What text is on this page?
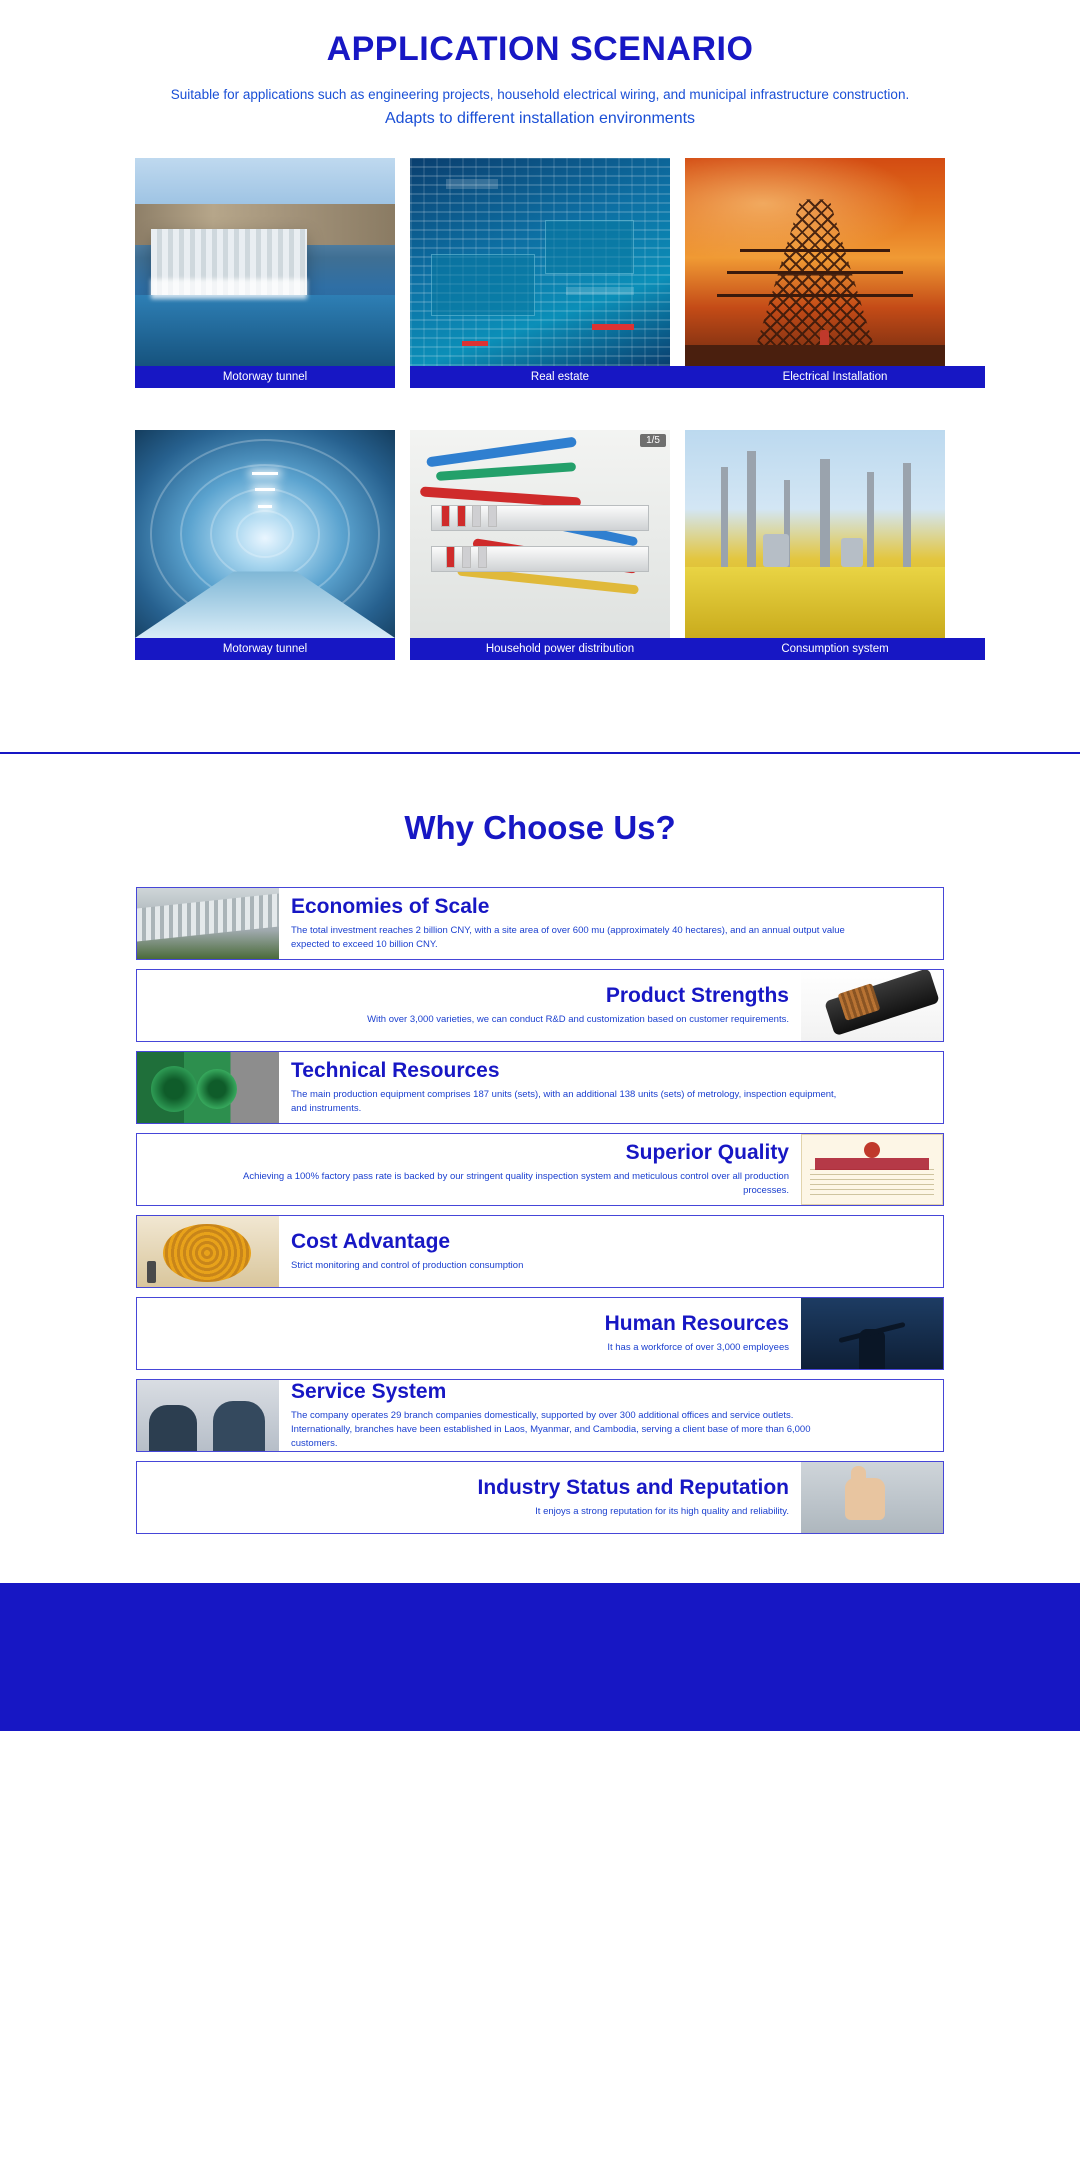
APPLICATION SCENARIO

Suitable for applications such as engineering projects, household electrical wiring, and municipal infrastructure construction.

Adapts to different installation environments

Motorway tunnel	Real estate	Electrical Installation
Motorway tunnel
1/5
Household power distribution	Consumption system
Why Choose Us?
Economies of Scale
The total investment reaches 2 billion CNY, with a site area of over 600 mu (approximately 40 hectares), and an annual output value expected to exceed 10 billion CNY.
Product Strengths
With over 3,000 varieties, we can conduct R&D and customization based on customer requirements.
Technical Resources
The main production equipment comprises 187 units (sets), with an additional 138 units (sets) of metrology, inspection equipment, and instruments.
Superior Quality
Achieving a 100% factory pass rate is backed by our stringent quality inspection system and meticulous control over all production processes.
Cost Advantage
Strict monitoring and control of production consumption
Human Resources
It has a workforce of over 3,000 employees
Service System
The company operates 29 branch companies domestically, supported by over 300 additional offices and service outlets. Internationally, branches have been established in Laos, Myanmar, and Cambodia, serving a client base of more than 6,000 customers.
Industry Status and Reputation
It enjoys a strong reputation for its high quality and reliability.
